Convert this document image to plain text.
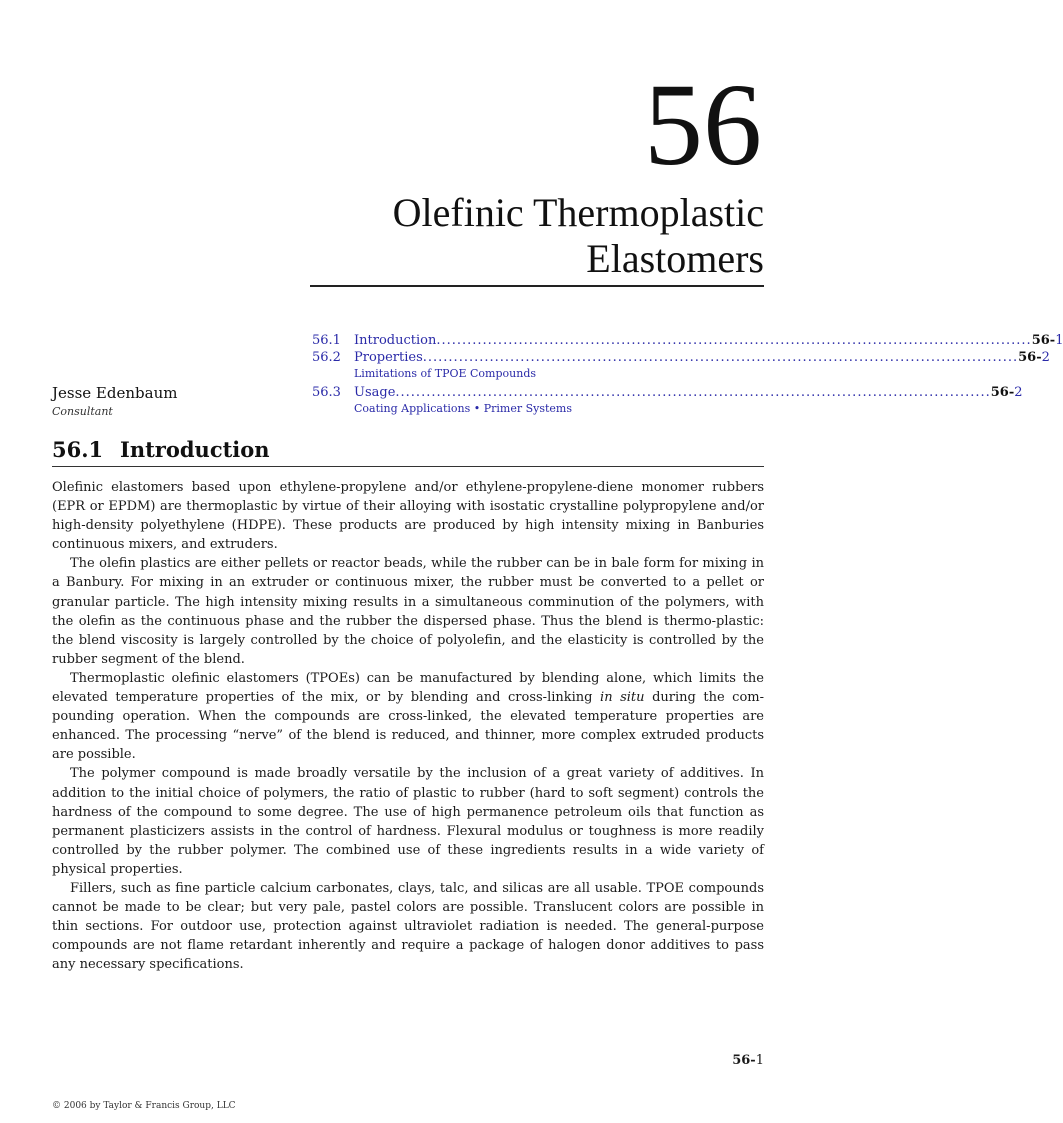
56
Olefinic Thermoplastic
Elastomers
56.1	Introduction .................................................................................................................... 56-1
56.2	Properties .................................................................................................................... 56-2
Limitations of TPOE Compounds
56.3	Usage .................................................................................................................... 56-2
Coating Applications • Primer Systems
Jesse Edenbaum
Consultant
56.1 Introduction

Olefinic elastomers based upon ethylene-propylene and/or ethylene-propylene-diene monomer rubbers (EPR or EPDM) are thermoplastic by virtue of their alloying with isostatic crystalline polypropylene and/or high-density polyethylene (HDPE). These products are produced by high intensity mixing in Banburies continuous mixers, and extruders.

The olefin plastics are either pellets or reactor beads, while the rubber can be in bale form for mixing in a Banbury. For mixing in an extruder or continuous mixer, the rubber must be converted to a pellet or granular particle. The high intensity mixing results in a simultaneous comminution of the polymers, with the olefin as the continuous phase and the rubber the dispersed phase. Thus the blend is thermo-plastic: the blend viscosity is largely controlled by the choice of polyolefin, and the elasticity is controlled by the rubber segment of the blend.

Thermoplastic olefinic elastomers (TPOEs) can be manufactured by blending alone, which limits the elevated temperature properties of the mix, or by blending and cross-linking in situ during the com-pounding operation. When the compounds are cross-linked, the elevated temperature properties are enhanced. The processing “nerve” of the blend is reduced, and thinner, more complex extruded products are possible.

The polymer compound is made broadly versatile by the inclusion of a great variety of additives. In addition to the initial choice of polymers, the ratio of plastic to rubber (hard to soft segment) controls the hardness of the compound to some degree. The use of high permanence petroleum oils that function as permanent plasticizers assists in the control of hardness. Flexural modulus or toughness is more readily controlled by the rubber polymer. The combined use of these ingredients results in a wide variety of physical properties.

Fillers, such as fine particle calcium carbonates, clays, talc, and silicas are all usable. TPOE compounds cannot be made to be clear; but very pale, pastel colors are possible. Translucent colors are possible in thin sections. For outdoor use, protection against ultraviolet radiation is needed. The general-purpose compounds are not flame retardant inherently and require a package of halogen donor additives to pass any necessary specifications.

56-1
© 2006 by Taylor & Francis Group, LLC
